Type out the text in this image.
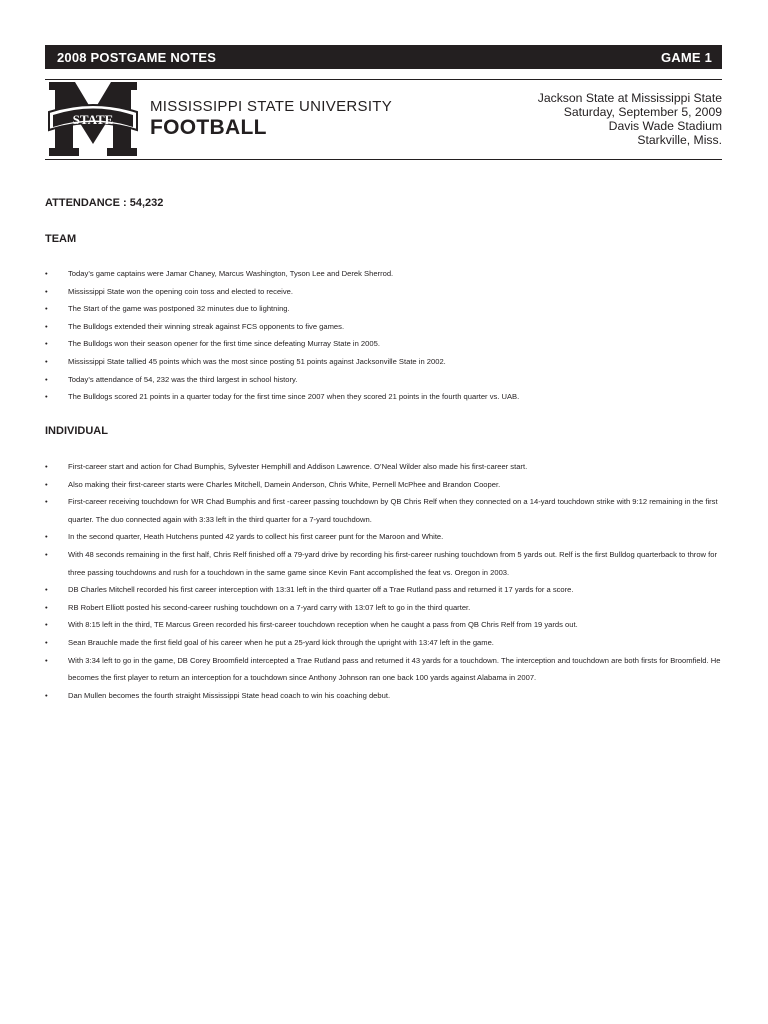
2008 POSTGAME NOTES	GAME 1
STATE
MISSISSIPPI STATE UNIVERSITY
FOOTBALL
Jackson State at Mississippi State
Saturday, September 5, 2009
Davis Wade Stadium
Starkville, Miss.
ATTENDANCE : 54,232
TEAM
• Today’s game captains were Jamar Chaney, Marcus Washington, Tyson Lee and Derek Sherrod.
• Mississippi State won the opening coin toss and elected to receive.
• The Start of the game was postponed 32 minutes due to lightning.
• The Bulldogs extended their winning streak against FCS opponents to five games.
• The Bulldogs won their season opener for the first time since defeating Murray State in 2005.
• Mississippi State tallied 45 points which was the most since posting 51 points against Jacksonville State in 2002.
• Today’s attendance of 54, 232 was the third largest in school history.
• The Bulldogs scored 21 points in a quarter today for the first time since 2007 when they scored 21 points in the fourth quarter vs. UAB.
INDIVIDUAL
• First-career start and action for Chad Bumphis, Sylvester Hemphill and Addison Lawrence. O’Neal Wilder also made his first-career start.
• Also making their first-career starts were Charles Mitchell, Damein Anderson, Chris White, Pernell McPhee and Brandon Cooper.
• First-career receiving touchdown for WR Chad Bumphis and first -career passing touchdown by QB Chris Relf when they connected on a 14-yard touchdown strike with 9:12 remaining in the first quarter. The duo connected again with 3:33 left in the third quarter for a 7-yard touchdown.
• In the second quarter, Heath Hutchens punted 42 yards to collect his first career punt for the Maroon and White.
• With 48 seconds remaining in the first half, Chris Relf finished off a 79-yard drive by recording his first-career rushing touchdown from 5 yards out. Relf is the first Bulldog quarterback to throw for three passing touchdowns and rush for a touchdown in the same game since Kevin Fant accomplished the feat vs. Oregon in 2003.
• DB Charles Mitchell recorded his first career interception with 13:31 left in the third quarter off a Trae Rutland pass and returned it 17 yards for a score.
• RB Robert Elliott posted his second-career rushing touchdown on a 7-yard carry with 13:07 left to go in the third quarter.
• With 8:15 left in the third, TE Marcus Green recorded his first-career touchdown reception when he caught a pass from QB Chris Relf from 19 yards out.
• Sean Brauchle made the first field goal of his career when he put a 25-yard kick through the upright with 13:47 left in the game.
• With 3:34 left to go in the game, DB Corey Broomfield intercepted a Trae Rutland pass and returned it 43 yards for a touchdown. The interception and touchdown are both firsts for Broomfield. He becomes the first player to return an interception for a touchdown since Anthony Johnson ran one back 100 yards against Alabama in 2007.
• Dan Mullen becomes the fourth straight Mississippi State head coach to win his coaching debut.
